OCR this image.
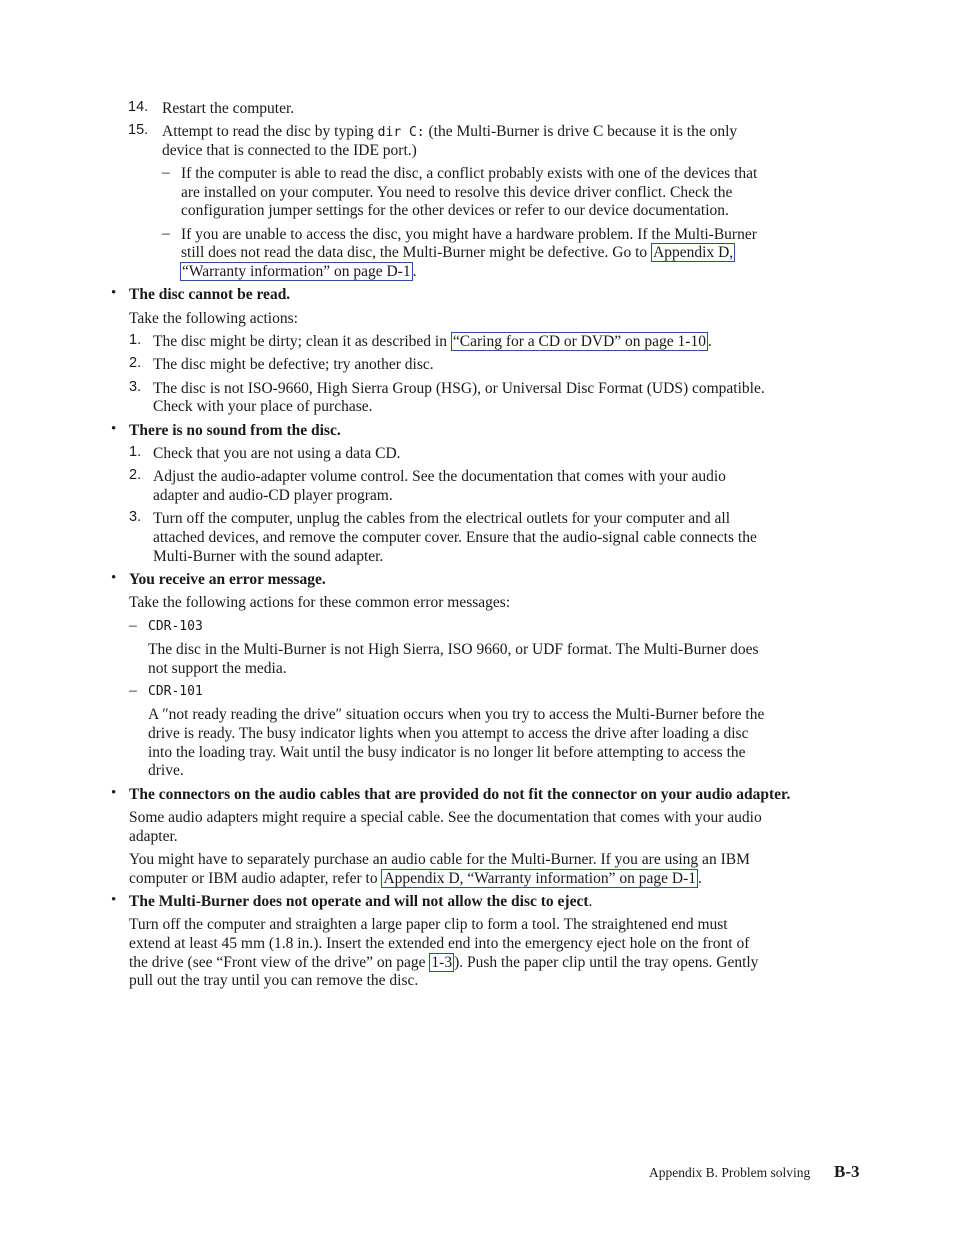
14. Restart the computer.
15. Attempt to read the disc by typing dir C: (the Multi-Burner is drive C because it is the only
device that is connected to the IDE port.)
– If the computer is able to read the disc, a conflict probably exists with one of the devices that
are installed on your computer. You need to resolve this device driver conflict. Check the
configuration jumper settings for the other devices or refer to our device documentation.
– If you are unable to access the disc, you might have a hardware problem. If the Multi-Burner
still does not read the data disc, the Multi-Burner might be defective. Go to Appendix D,
“Warranty information” on page D-1 .
• The disc cannot be read.
Take the following actions:
1. The disc might be dirty; clean it as described in “Caring for a CD or DVD” on page 1-10 .
2. The disc might be defective; try another disc.
3. The disc is not ISO-9660, High Sierra Group (HSG), or Universal Disc Format (UDS) compatible.
Check with your place of purchase.
• There is no sound from the disc.
1. Check that you are not using a data CD.
2. Adjust the audio-adapter volume control. See the documentation that comes with your audio
adapter and audio-CD player program.
3. Turn off the computer, unplug the cables from the electrical outlets for your computer and all
attached devices, and remove the computer cover. Ensure that the audio-signal cable connects the
Multi-Burner with the sound adapter.
• You receive an error message.
Take the following actions for these common error messages:
– CDR-103
The disc in the Multi-Burner is not High Sierra, ISO 9660, or UDF format. The Multi-Burner does
not support the media.
– CDR-101
A ″not ready reading the drive″ situation occurs when you try to access the Multi-Burner before the
drive is ready. The busy indicator lights when you attempt to access the drive after loading a disc
into the loading tray. Wait until the busy indicator is no longer lit before attempting to access the
drive.
• The connectors on the audio cables that are provided do not fit the connector on your audio adapter.
Some audio adapters might require a special cable. See the documentation that comes with your audio
adapter.
You might have to separately purchase an audio cable for the Multi-Burner. If you are using an IBM
computer or IBM audio adapter, refer to Appendix D, “Warranty information” on page D-1 .
• The Multi-Burner does not operate and will not allow the disc to eject.
Turn off the computer and straighten a large paper clip to form a tool. The straightened end must
extend at least 45 mm (1.8 in.). Insert the extended end into the emergency eject hole on the front of
the drive (see “Front view of the drive” on page 1-3 ). Push the paper clip until the tray opens. Gently
pull out the tray until you can remove the disc.
Appendix B. Problem solving B-3
